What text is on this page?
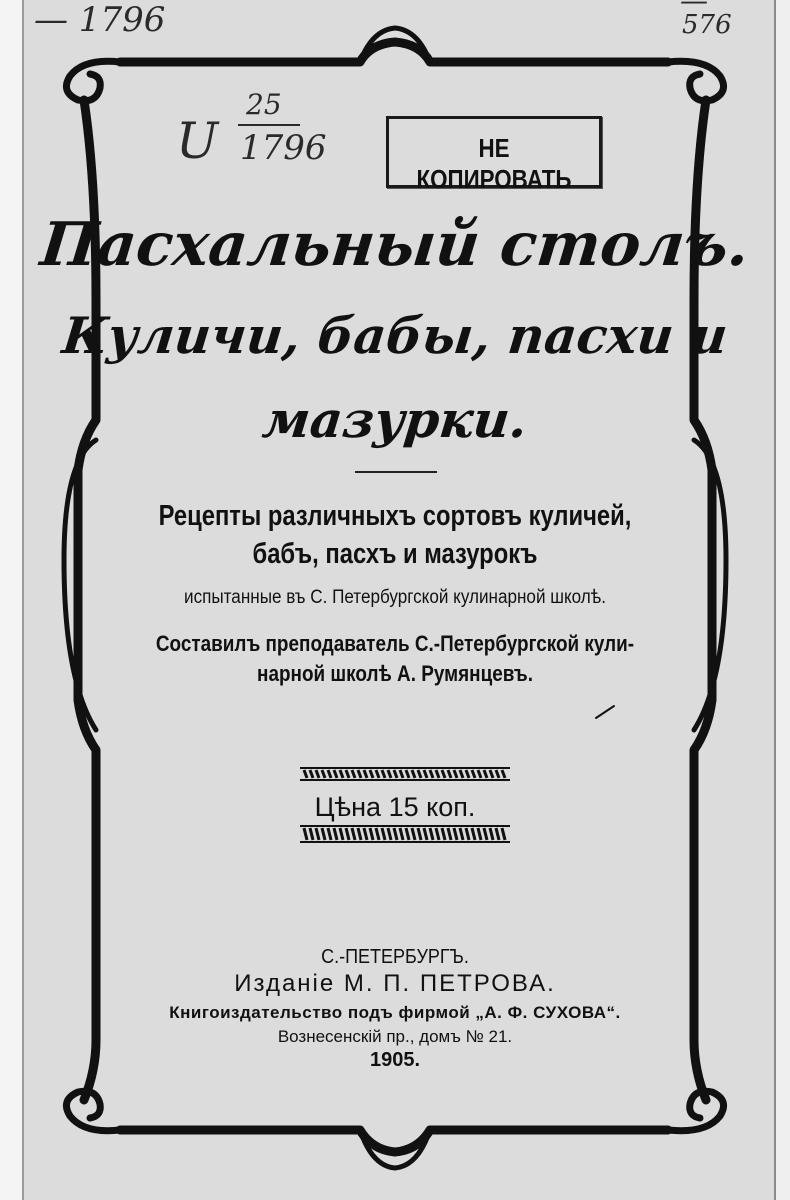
— 1796	—
576
U
25
1796	НЕ КОПИРОВАТЬ
Пасхальный столъ.
Куличи, бабы, пасхи и
мазурки.
Рецепты различныхъ сортовъ куличей,
бабъ, пасхъ и мазурокъ
испытанные въ С. Петербургской кулинарной школѣ.
Составилъ преподаватель С.-Петербургской кули-
нарной школѣ А. Румянцевъ.
Цѣна 15 коп.
С.-ПЕТЕРБУРГЪ.
Изданiе М. П. ПЕТРОВА.
Книгоиздательство подъ фирмой „А. Ф. СУХОВА“.
Вознесенскiй пр., домъ № 21.
1905.
